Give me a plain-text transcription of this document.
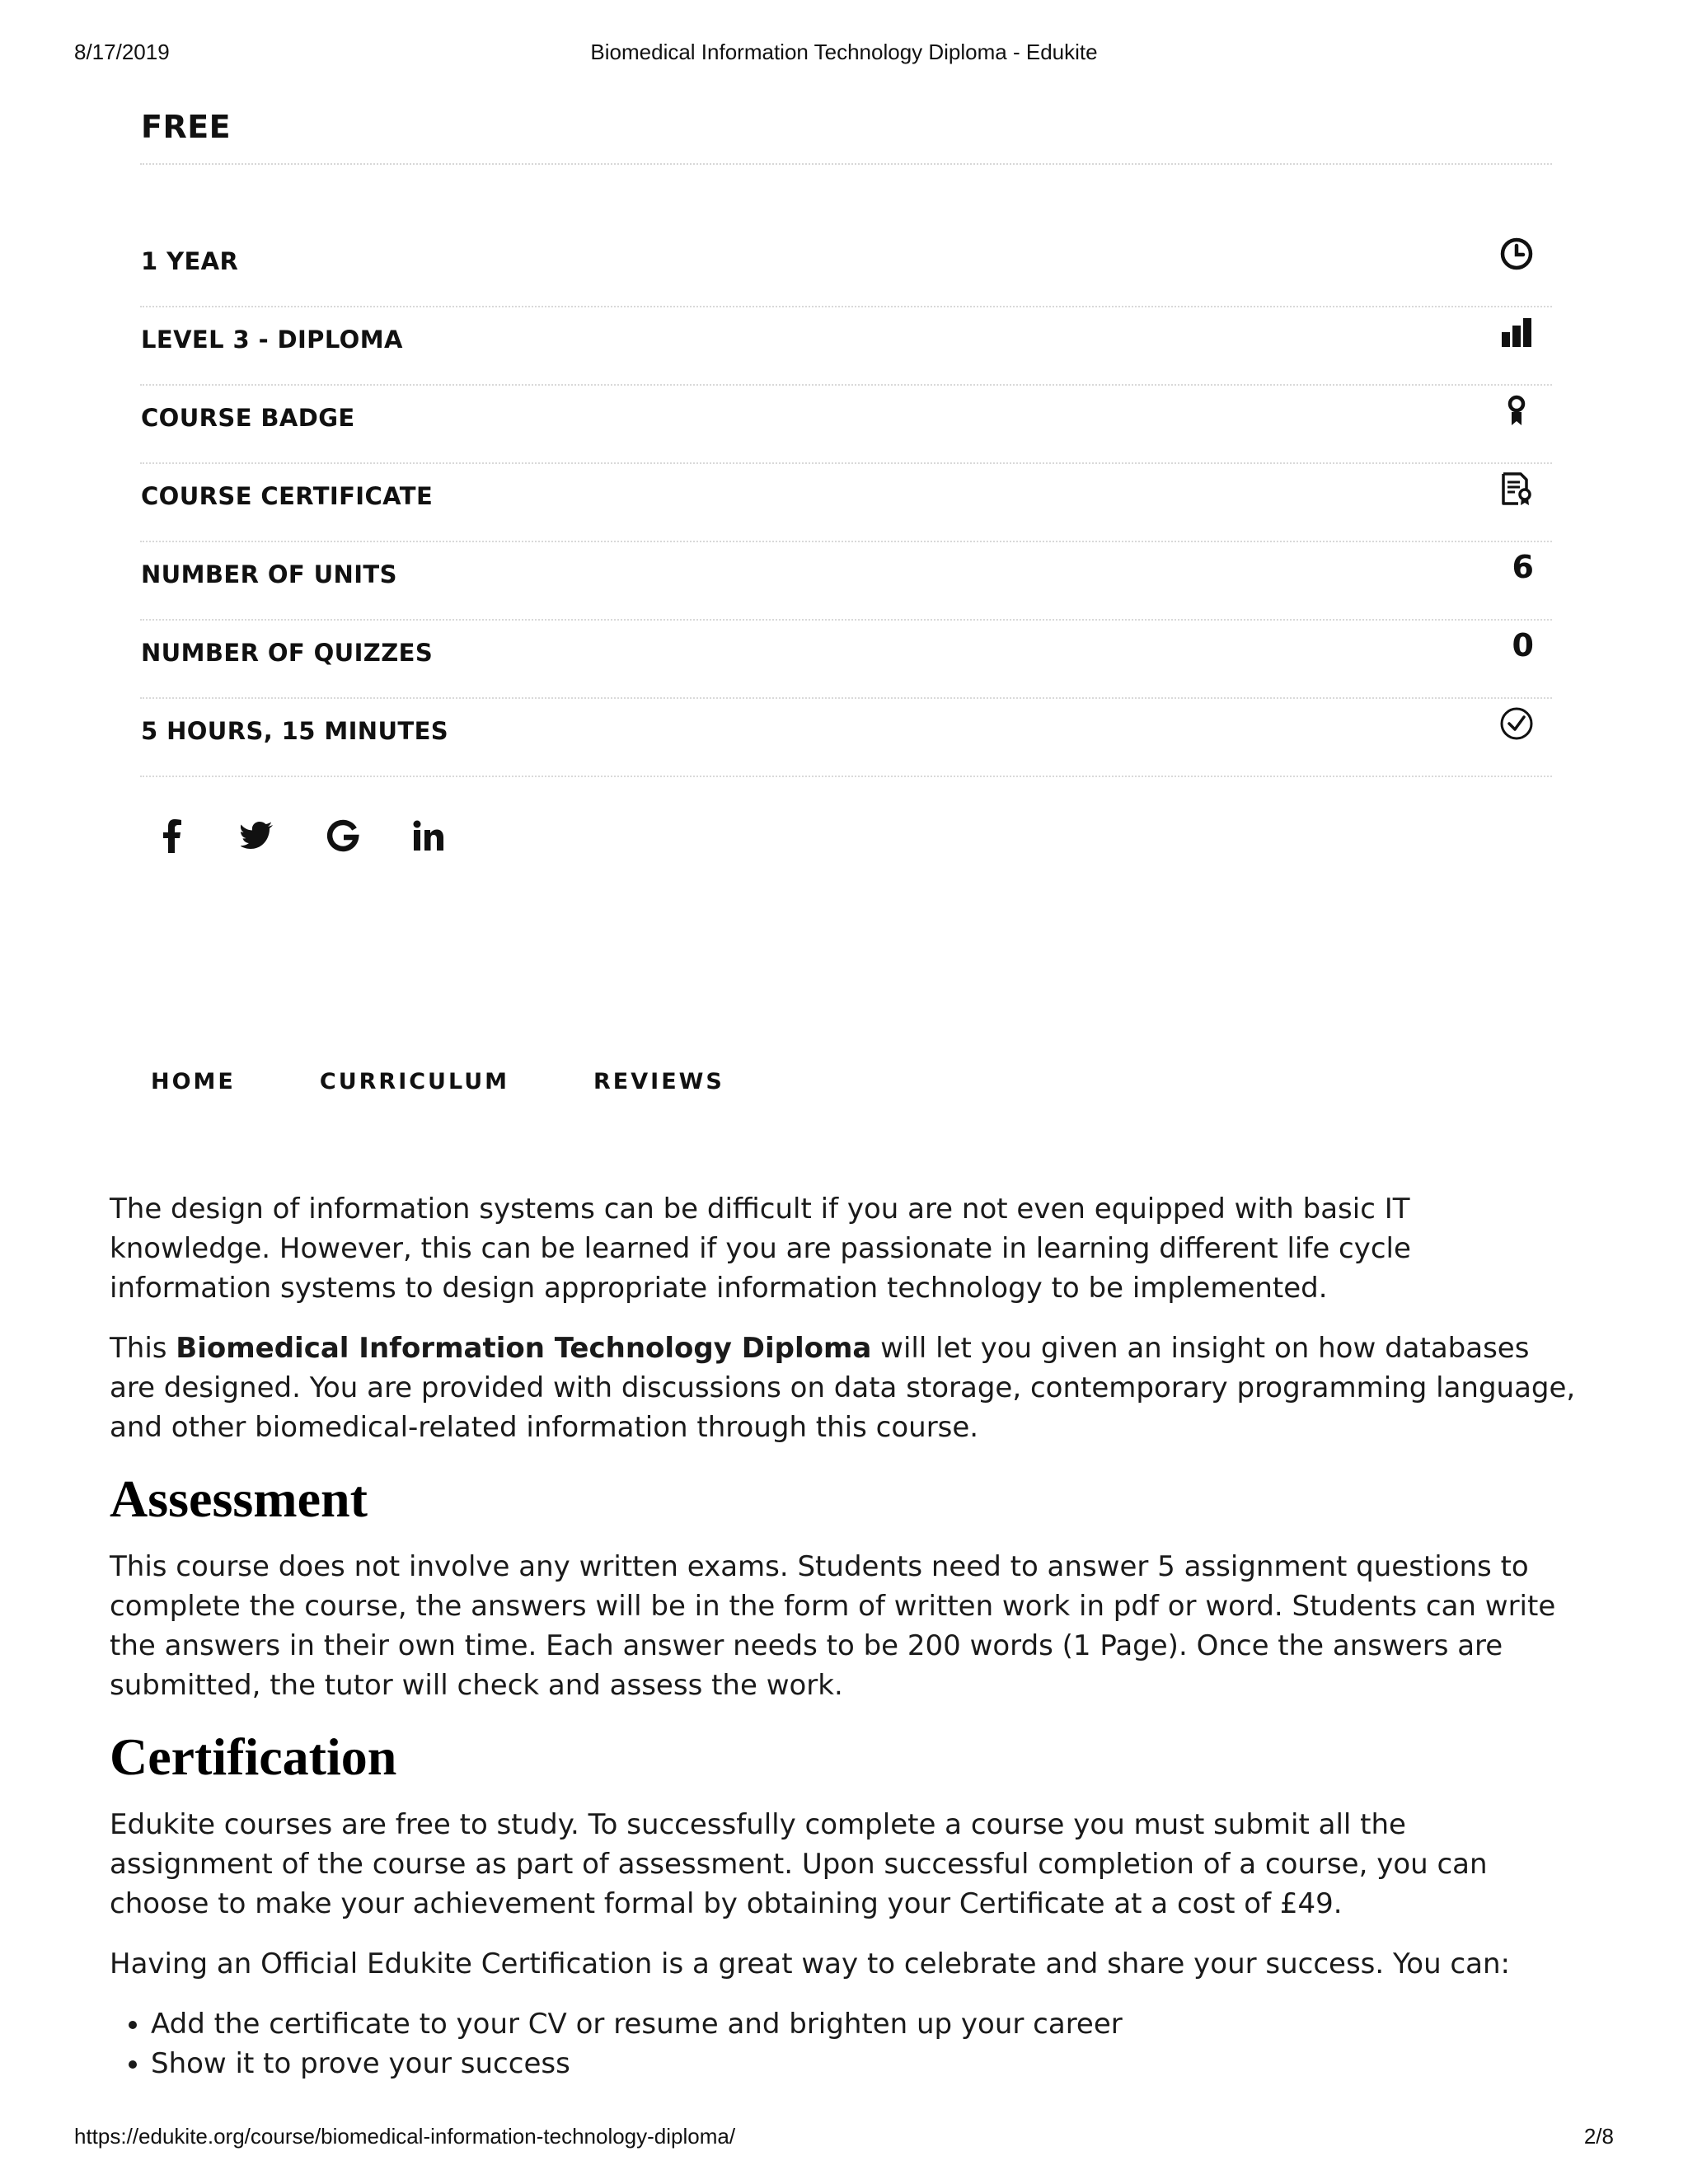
8/17/2019	Biomedical Information Technology Diploma - Edukite
FREE
1 YEAR
LEVEL 3 - DIPLOMA
COURSE BADGE
COURSE CERTIFICATE
NUMBER OF UNITS	6
NUMBER OF QUIZZES	0
5 HOURS, 15 MINUTES
HOME	CURRICULUM	REVIEWS

The design of information systems can be difficult if you are not even equipped with basic IT knowledge. However, this can be learned if you are passionate in learning different life cycle information systems to design appropriate information technology to be implemented.

This Biomedical Information Technology Diploma will let you given an insight on how databases are designed. You are provided with discussions on data storage, contemporary programming language, and other biomedical-related information through this course.

Assessment

This course does not involve any written exams. Students need to answer 5 assignment questions to complete the course, the answers will be in the form of written work in pdf or word. Students can write the answers in their own time. Each answer needs to be 200 words (1 Page). Once the answers are submitted, the tutor will check and assess the work.

Certification

Edukite courses are free to study. To successfully complete a course you must submit all the assignment of the course as part of assessment. Upon successful completion of a course, you can choose to make your achievement formal by obtaining your Certificate at a cost of £49.

Having an Official Edukite Certification is a great way to celebrate and share your success. You can:

• Add the certificate to your CV or resume and brighten up your career
• Show it to prove your success
https://edukite.org/course/biomedical-information-technology-diploma/	2/8
